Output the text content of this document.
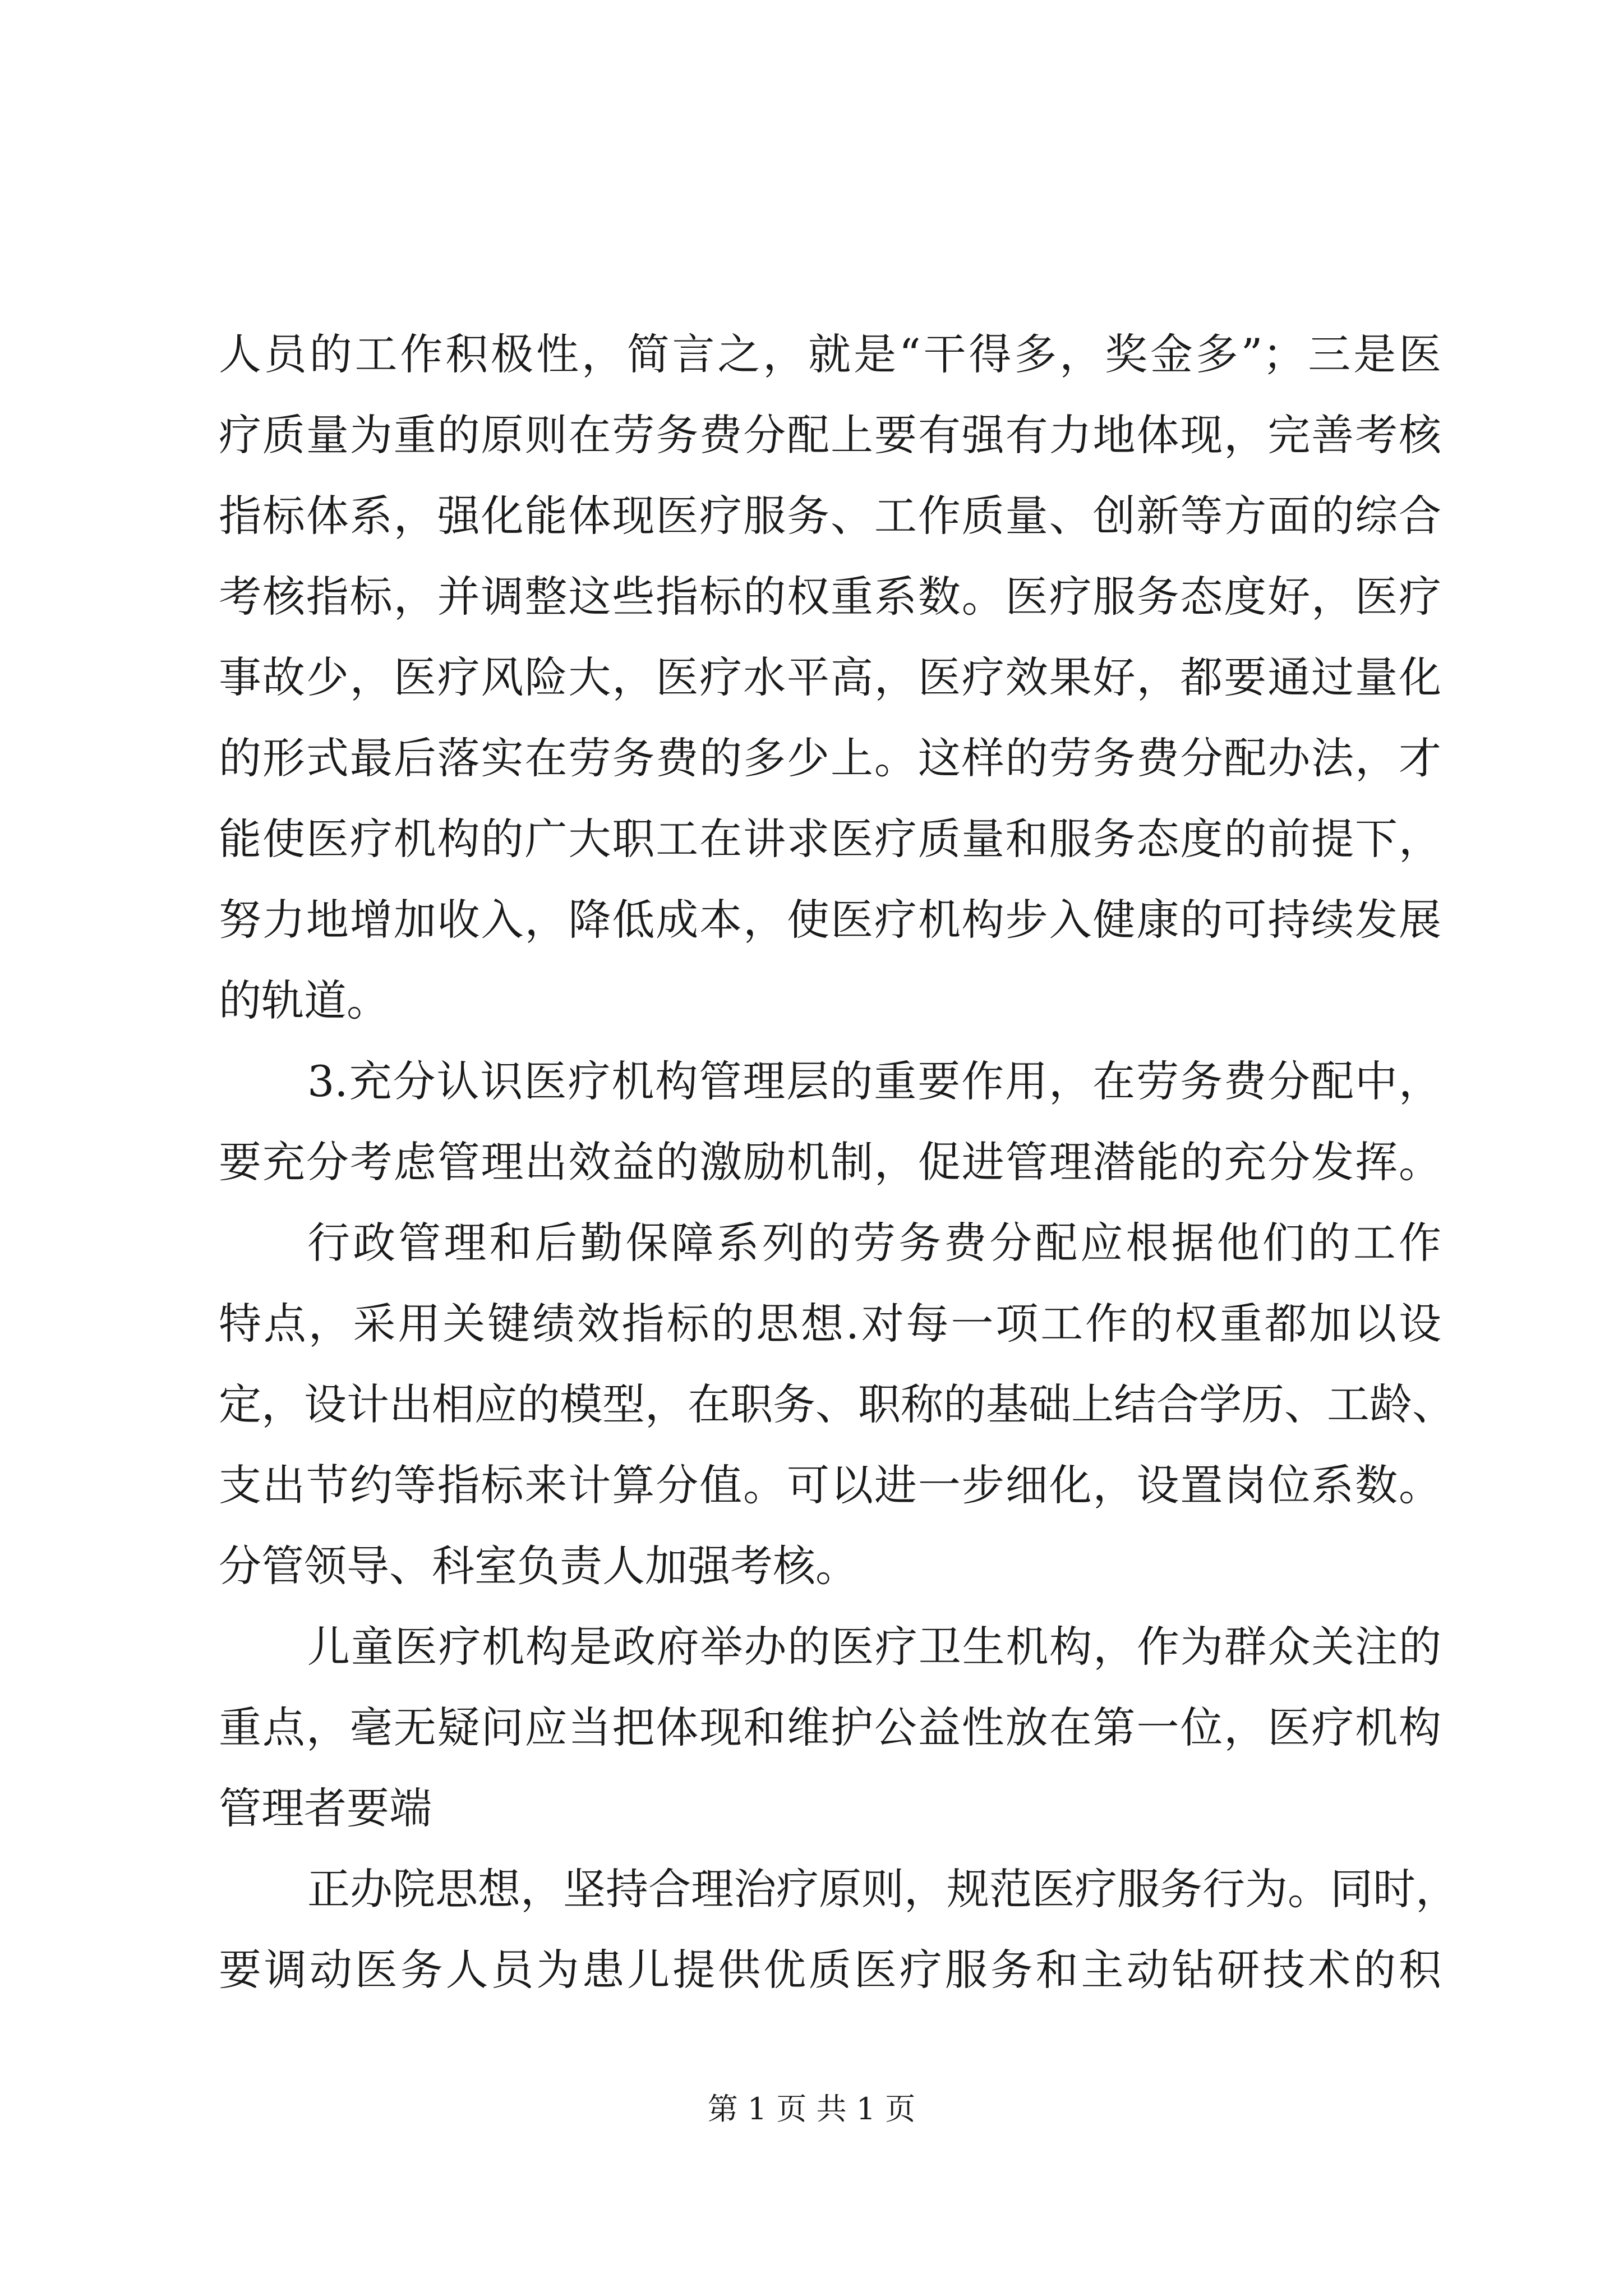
人员的工作积极性，简言之，就是“干得多，奖金多”；三是医
疗质量为重的原则在劳务费分配上要有强有力地体现，完善考核
指标体系，强化能体现医疗服务、工作质量、创新等方面的综合
考核指标，并调整这些指标的权重系数。医疗服务态度好，医疗
事故少，医疗风险大，医疗水平高，医疗效果好，都要通过量化
的形式最后落实在劳务费的多少上。这样的劳务费分配办法，才
能使医疗机构的广大职工在讲求医疗质量和服务态度的前提下，
努力地增加收入，降低成本，使医疗机构步入健康的可持续发展
的轨道。
3.充分认识医疗机构管理层的重要作用，在劳务费分配中，
要充分考虑管理出效益的激励机制，促进管理潜能的充分发挥。
行政管理和后勤保障系列的劳务费分配应根据他们的工作
特点，采用关键绩效指标的思想.对每一项工作的权重都加以设
定，设计出相应的模型，在职务、职称的基础上结合学历、工龄、
支出节约等指标来计算分值。可以进一步细化，设置岗位系数。
分管领导、科室负责人加强考核。
儿童医疗机构是政府举办的医疗卫生机构，作为群众关注的
重点，毫无疑问应当把体现和维护公益性放在第一位，医疗机构
管理者要端
正办院思想，坚持合理治疗原则，规范医疗服务行为。同时，
要调动医务人员为患儿提供优质医疗服务和主动钻研技术的积
第 1 页 共 1 页
